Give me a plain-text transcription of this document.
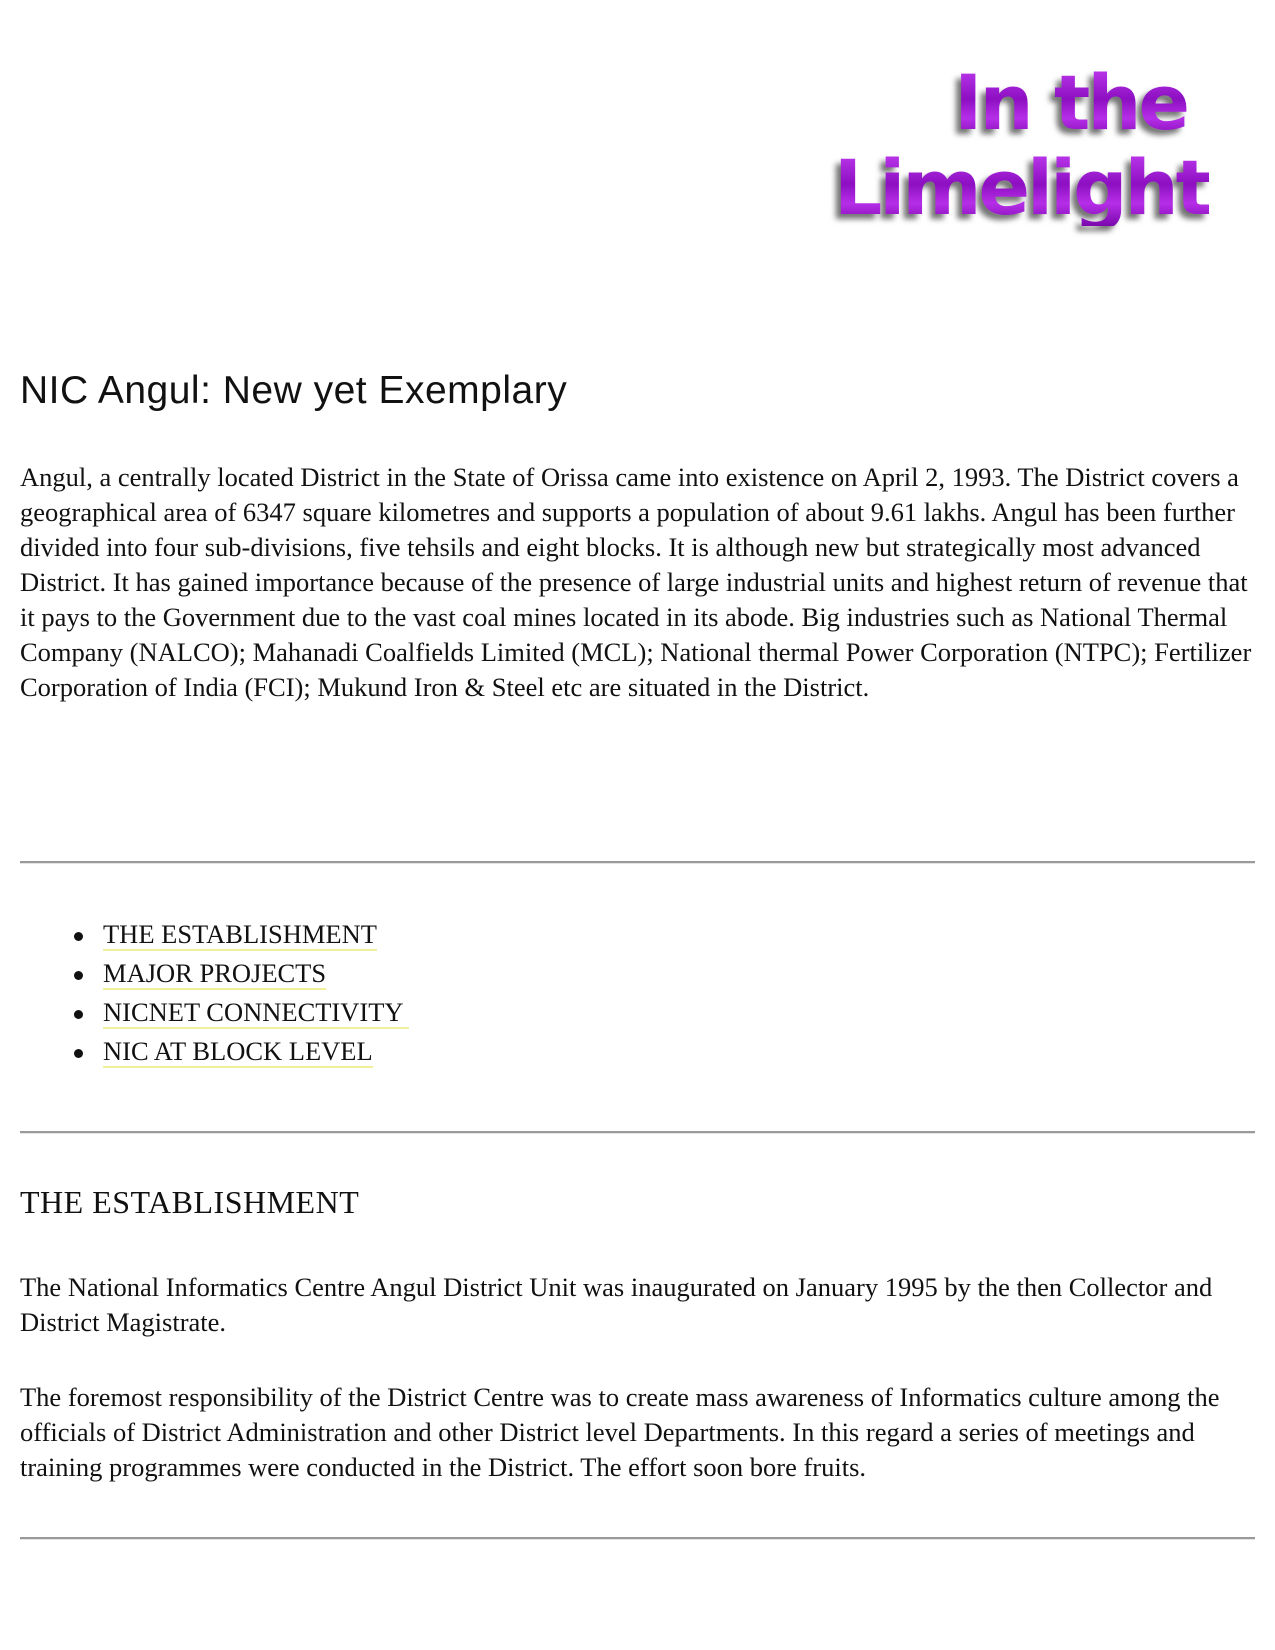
In the
Limelight
NIC Angul: New yet Exemplary

Angul, a centrally located District in the State of Orissa came into existence on April 2, 1993. The District covers a geographical area of 6347 square kilometres and supports a population of about 9.61 lakhs. Angul has been further divided into four sub-divisions, five tehsils and eight blocks. It is although new but strategically most advanced District. It has gained importance because of the presence of large industrial units and highest return of revenue that it pays to the Government due to the vast coal mines located in its abode. Big industries such as National Thermal Company (NALCO); Mahanadi Coalfields Limited (MCL); National thermal Power Corporation (NTPC); Fertilizer Corporation of India (FCI); Mukund Iron & Steel etc are situated in the District.

THE ESTABLISHMENT
MAJOR PROJECTS
NICNET CONNECTIVITY
NIC AT BLOCK LEVEL
THE ESTABLISHMENT

The National Informatics Centre Angul District Unit was inaugurated on January 1995 by the then Collector and District Magistrate.

The foremost responsibility of the District Centre was to create mass awareness of Informatics culture among the officials of District Administration and other District level Departments. In this regard a series of meetings and training programmes were conducted in the District. The effort soon bore fruits.
